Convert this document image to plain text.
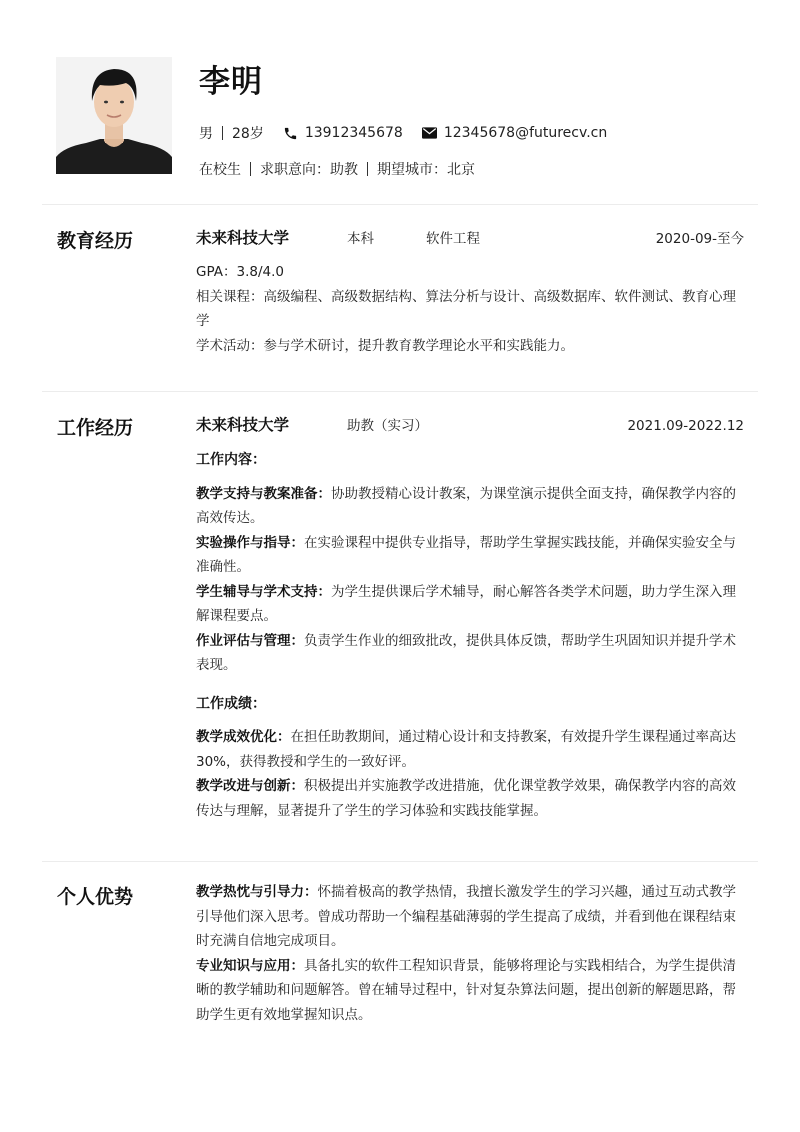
李明
男 28岁	13912345678	12345678@futurecv.cn
在校生 求职意向：助教 期望城市：北京
教育经历	未来科技大学	本科	软件工程	2020-09-至今

GPA：3.8/4.0

相关课程：高级编程、高级数据结构、算法分析与设计、高级数据库、软件测试、教育心理学

学术活动：参与学术研讨，提升教育教学理论水平和实践能力。

工作经历	未来科技大学	助教（实习）	2021.09-2022.12

工作内容：

教学支持与教案准备：协助教授精心设计教案，为课堂演示提供全面支持，确保教学内容的高效传达。

实验操作与指导：在实验课程中提供专业指导，帮助学生掌握实践技能，并确保实验安全与准确性。

学生辅导与学术支持：为学生提供课后学术辅导，耐心解答各类学术问题，助力学生深入理解课程要点。

作业评估与管理：负责学生作业的细致批改，提供具体反馈，帮助学生巩固知识并提升学术表现。

工作成绩：

教学成效优化：在担任助教期间，通过精心设计和支持教案，有效提升学生课程通过率高达30%，获得教授和学生的一致好评。

教学改进与创新：积极提出并实施教学改进措施，优化课堂教学效果，确保教学内容的高效传达与理解，显著提升了学生的学习体验和实践技能掌握。

个人优势	教学热忱与引导力：怀揣着极高的教学热情，我擅长激发学生的学习兴趣，通过互动式教学引导他们深入思考。曾成功帮助一个编程基础薄弱的学生提高了成绩，并看到他在课程结束时充满自信地完成项目。

专业知识与应用：具备扎实的软件工程知识背景，能够将理论与实践相结合，为学生提供清晰的教学辅助和问题解答。曾在辅导过程中，针对复杂算法问题，提出创新的解题思路，帮助学生更有效地掌握知识点。
